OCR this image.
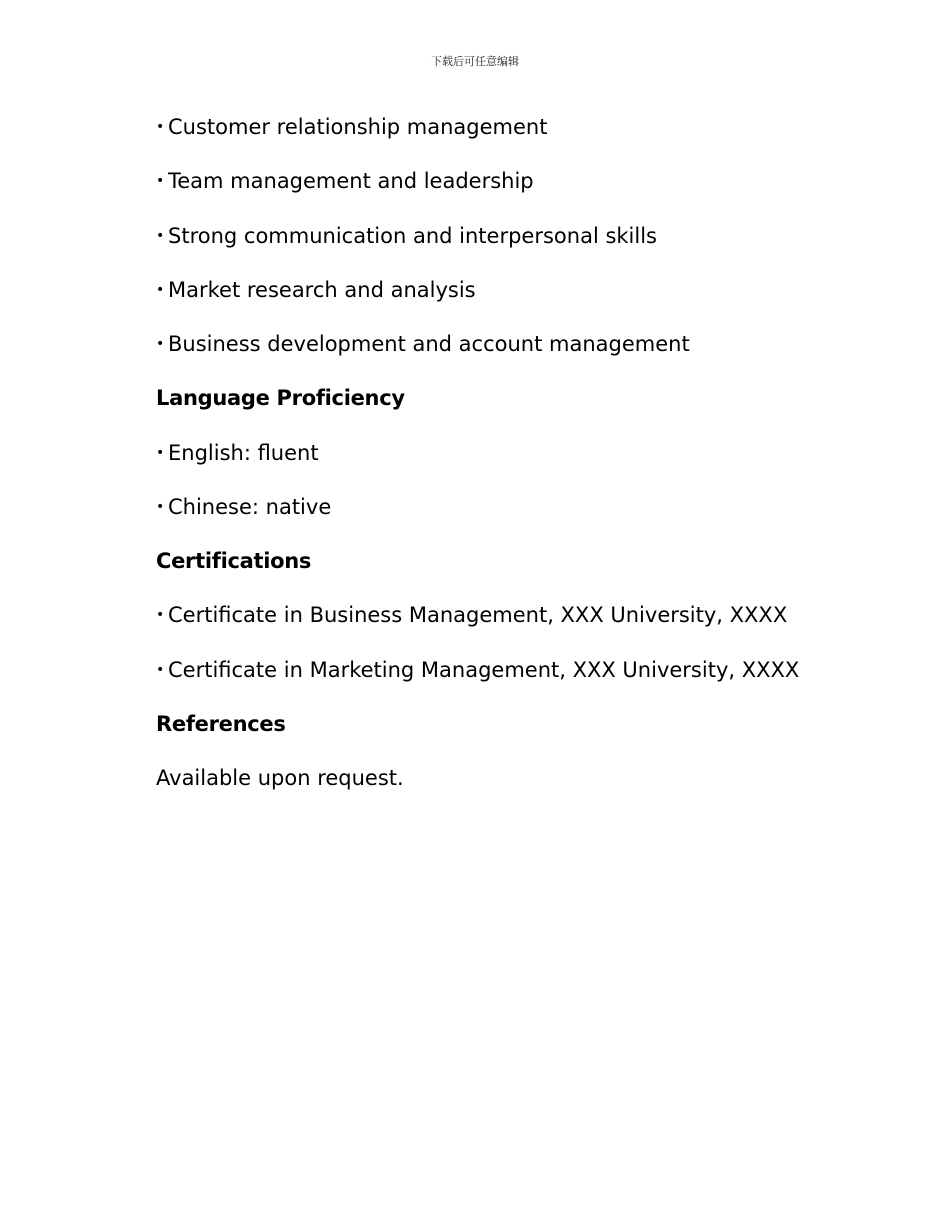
下载后可任意编辑
• Customer relationship management
• Team management and leadership
• Strong communication and interpersonal skills
• Market research and analysis
• Business development and account management
Language Proficiency
• English: fluent
• Chinese: native
Certifications
• Certificate in Business Management, XXX University, XXXX
• Certificate in Marketing Management, XXX University, XXXX
References
Available upon request.
